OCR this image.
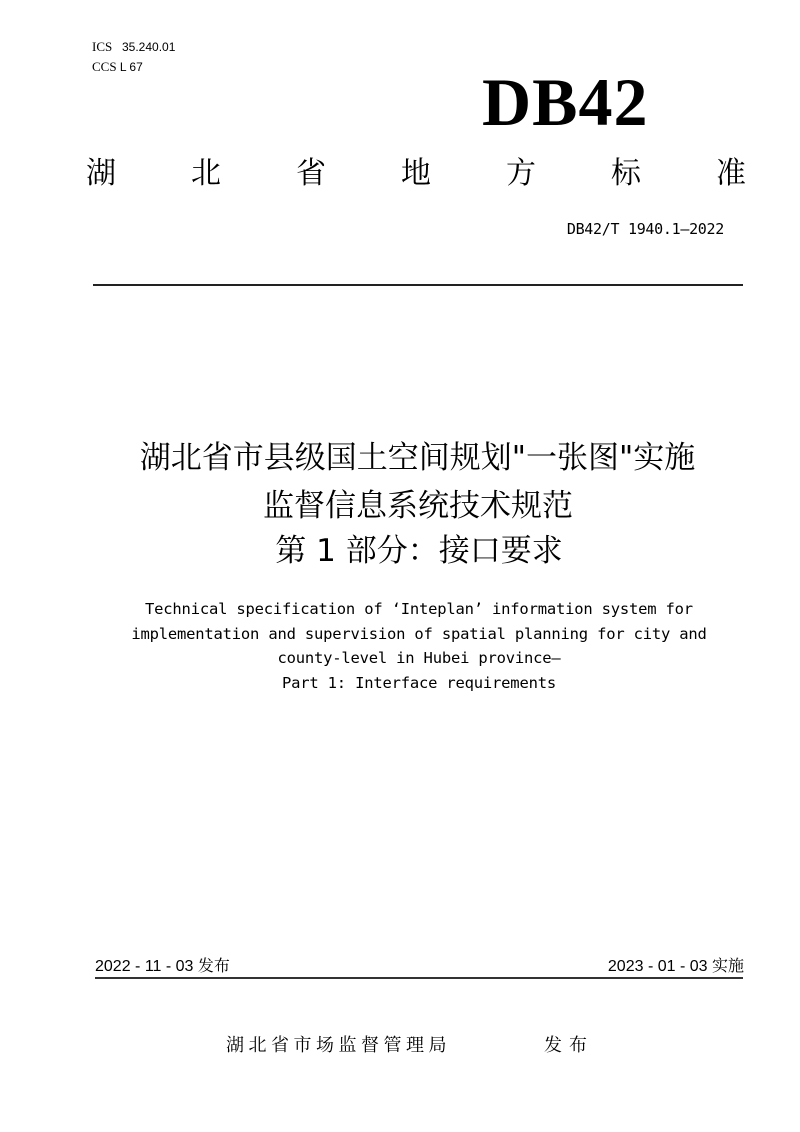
ICS 35.240.01
CCS L 67	DB42
湖	北	省	地	方	标	准
DB42/T 1940.1—2022
湖北省市县级国土空间规划"一张图"实施
监督信息系统技术规范
第 1 部分：接口要求
Technical specification of ‘Inteplan’ information system for
implementation and supervision of spatial planning for city and
county-level in Hubei province—
Part 1: Interface requirements
2022 - 11 - 03 发布	2023 - 01 - 03 实施
湖北省市场监督管理局	发布
